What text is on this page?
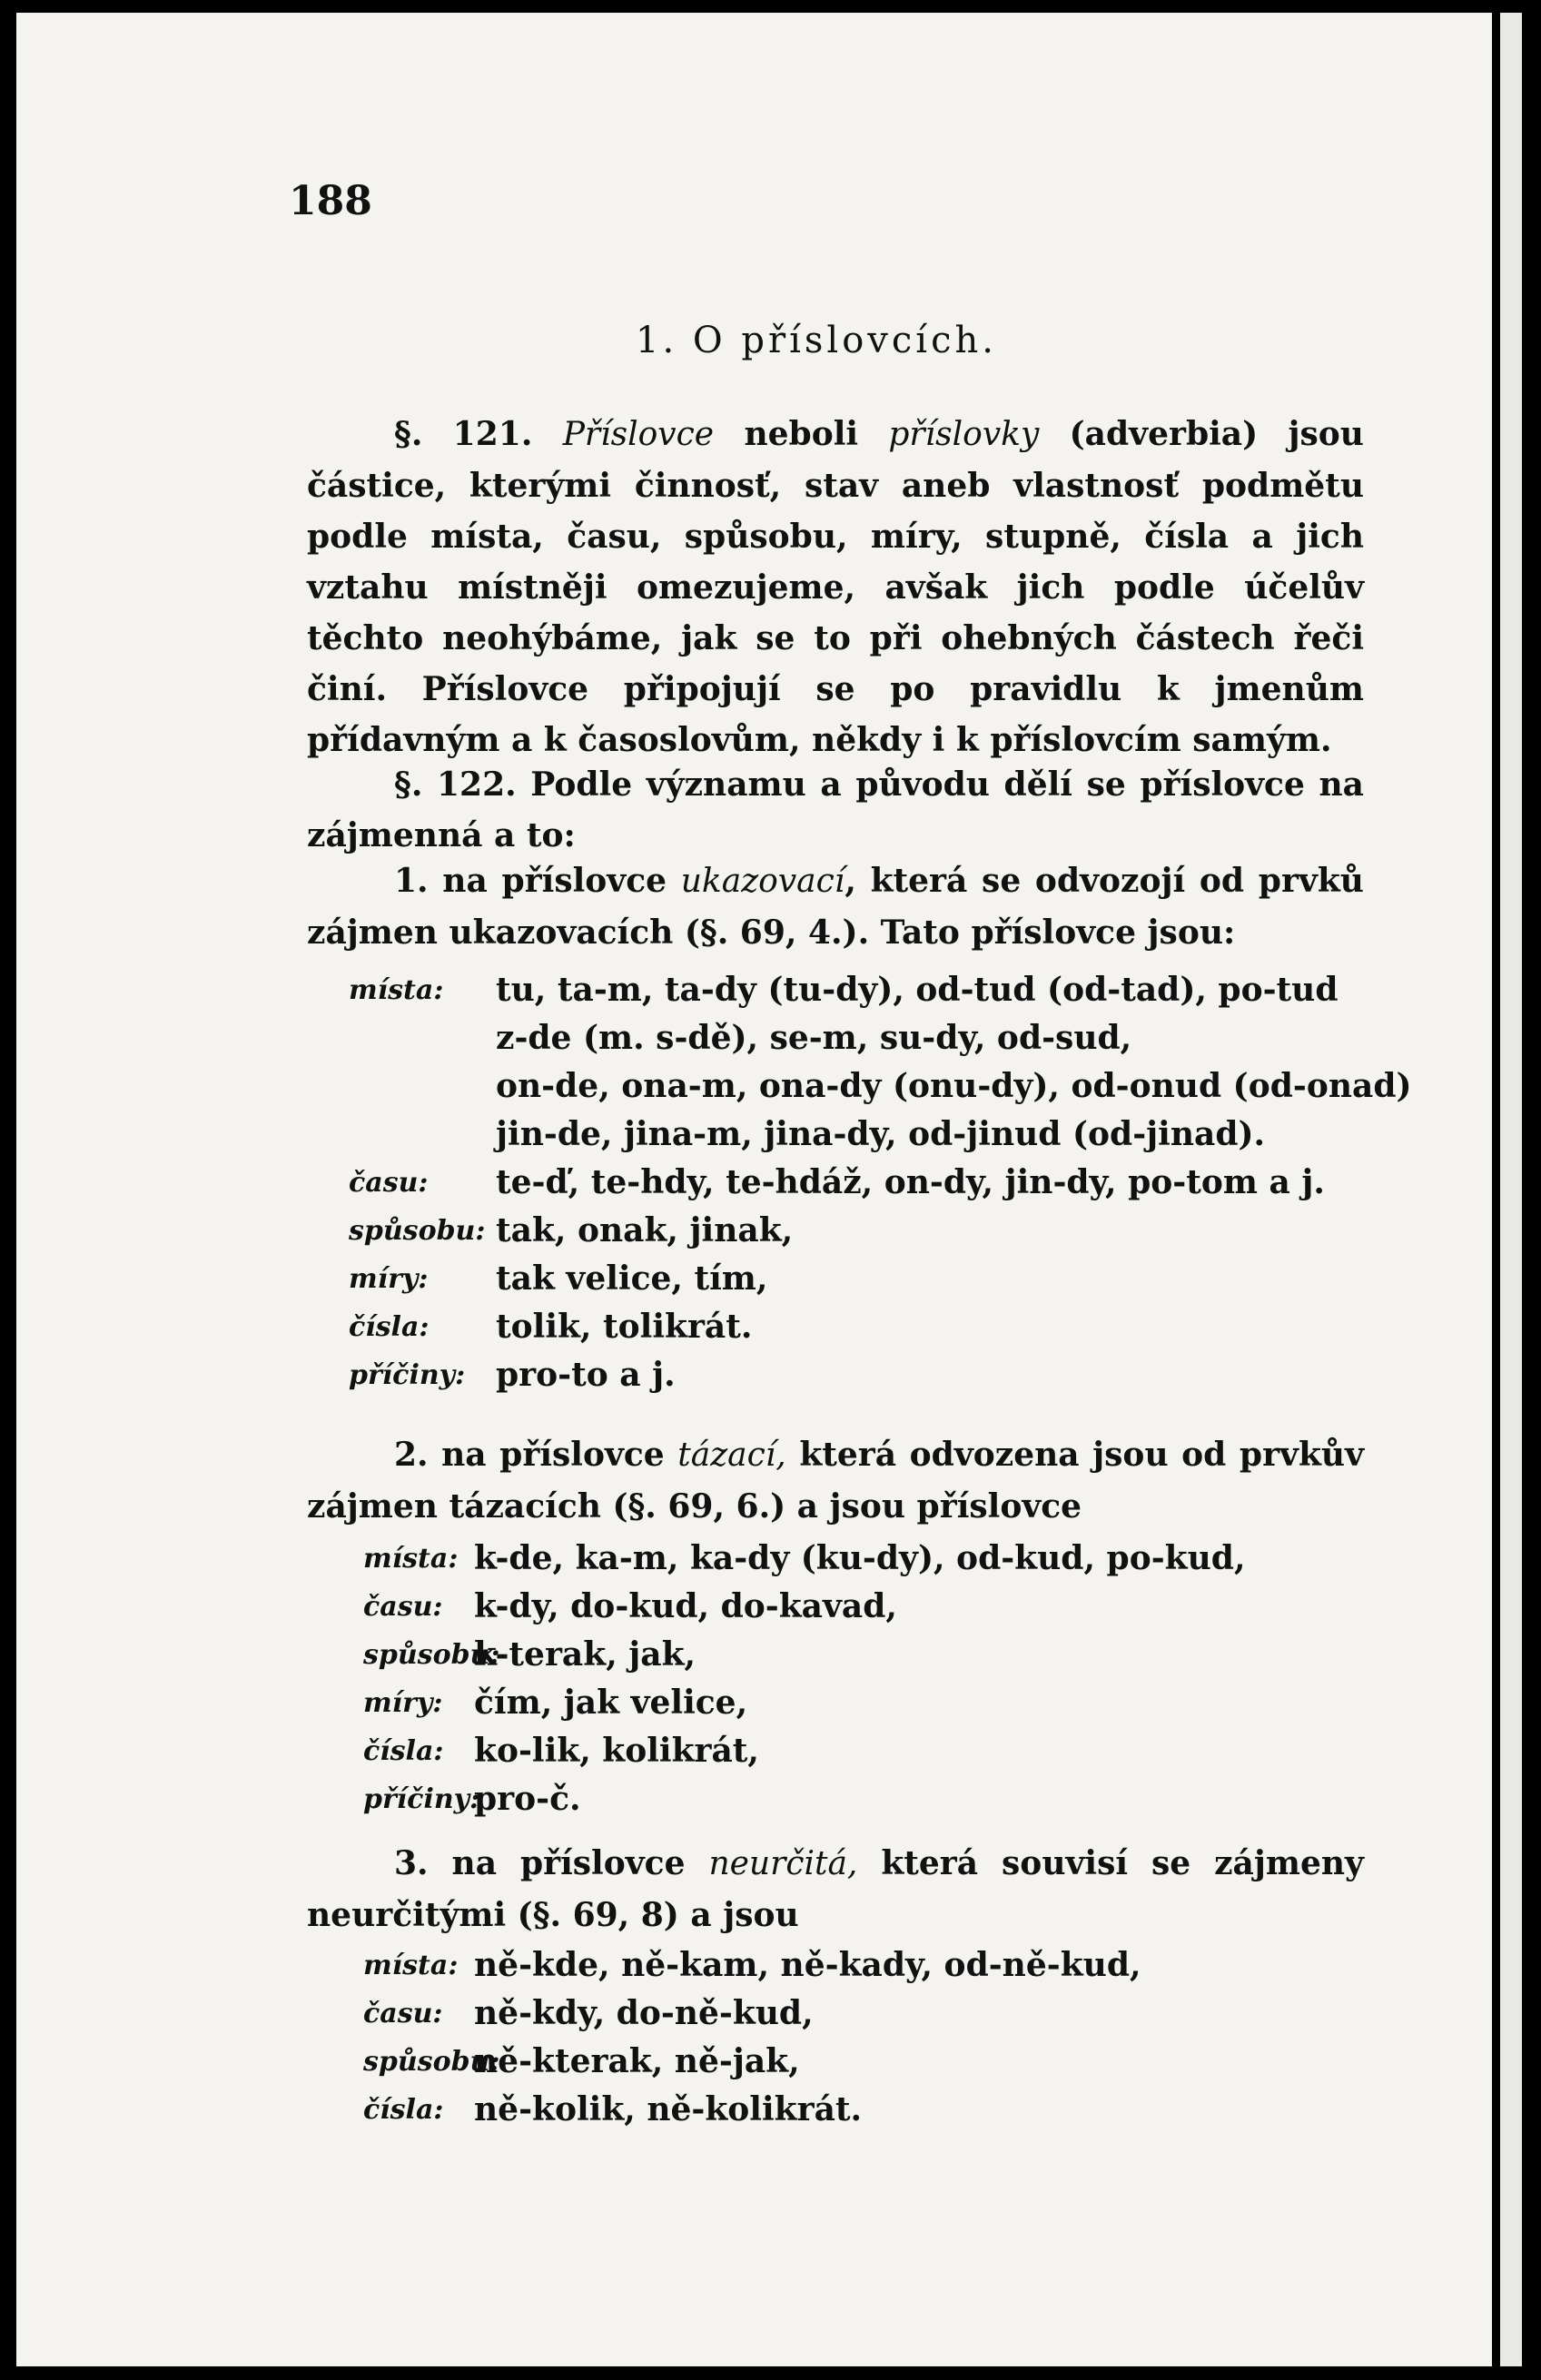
188
1. O příslovcích.
§. 121. Příslovce neboli příslovky (adverbia) jsou částice, kterými činnosť, stav aneb vlastnosť podmětu podle místa, času, spůsobu, míry, stupně, čísla a jich vztahu místněji omezujeme, avšak jich podle účelův těchto neohýbáme, jak se to při ohebných částech řeči činí. Příslovce připojují se po pravidlu k jmenům přídavným a k časoslovům, někdy i k příslovcím samým.
§. 122. Podle významu a původu dělí se příslovce na zájmenná a to:
1. na příslovce ukazovací, která se odvozojí od prvků zájmen ukazovacích (§. 69, 4.). Tato příslovce jsou:
místa:	tu, ta-m, ta-dy (tu-dy), od-tud (od-tad), po-tud
z-de (m. s-dě), se-m, su-dy, od-sud,
on-de, ona-m, ona-dy (onu-dy), od-onud (od-onad)
jin-de, jina-m, jina-dy, od-jinud (od-jinad).
času:	te-ď, te-hdy, te-hdáž, on-dy, jin-dy, po-tom a j.
spůsobu: tak, onak, jinak,
míry:	tak velice, tím,
čísla:	tolik, tolikrát.
příčiny: pro-to a j.
2. na příslovce tázací, která odvozena jsou od prvkův zájmen tázacích (§. 69, 6.) a jsou příslovce
místa: k-de, ka-m, ka-dy (ku-dy), od-kud, po-kud,
času: k-dy, do-kud, do-kavad,
spůsobu:
k-terak, jak,
míry: čím, jak velice,
čísla: ko-lik, kolikrát,
příčiny:
pro-č.
3. na příslovce neurčitá, která souvisí se zájmeny neurčitými (§. 69, 8) a jsou
místa: ně-kde, ně-kam, ně-kady, od-ně-kud,
času: ně-kdy, do-ně-kud,
spůsobu:
ně-kterak, ně-jak,
čísla: ně-kolik, ně-kolikrát.
